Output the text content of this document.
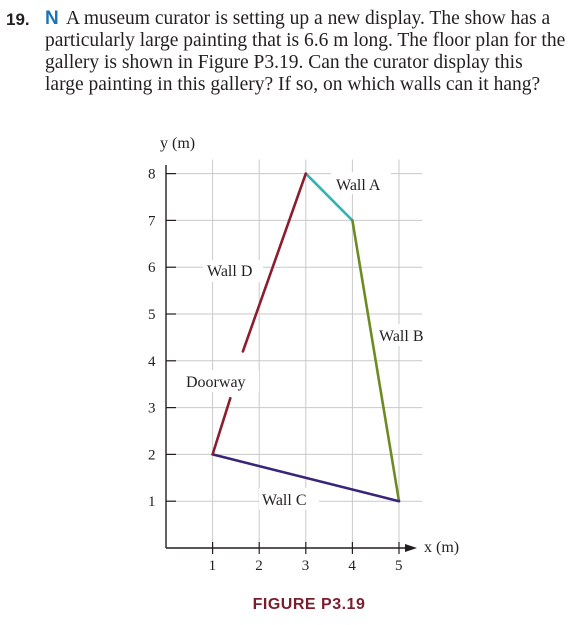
19. N A museum curator is setting up a new display. The show has a
particularly large painting that is 6.6 m long. The floor plan for the
gallery is shown in Figure P3.19. Can the curator display this
large painting in this gallery? If so, on which walls can it hang?
1	2	3	4	5
1
2
3
4
5
6
7
8
y (m)
x (m)
Wall A
Wall B
Wall C
Wall D
Doorway
FIGURE P3.19
